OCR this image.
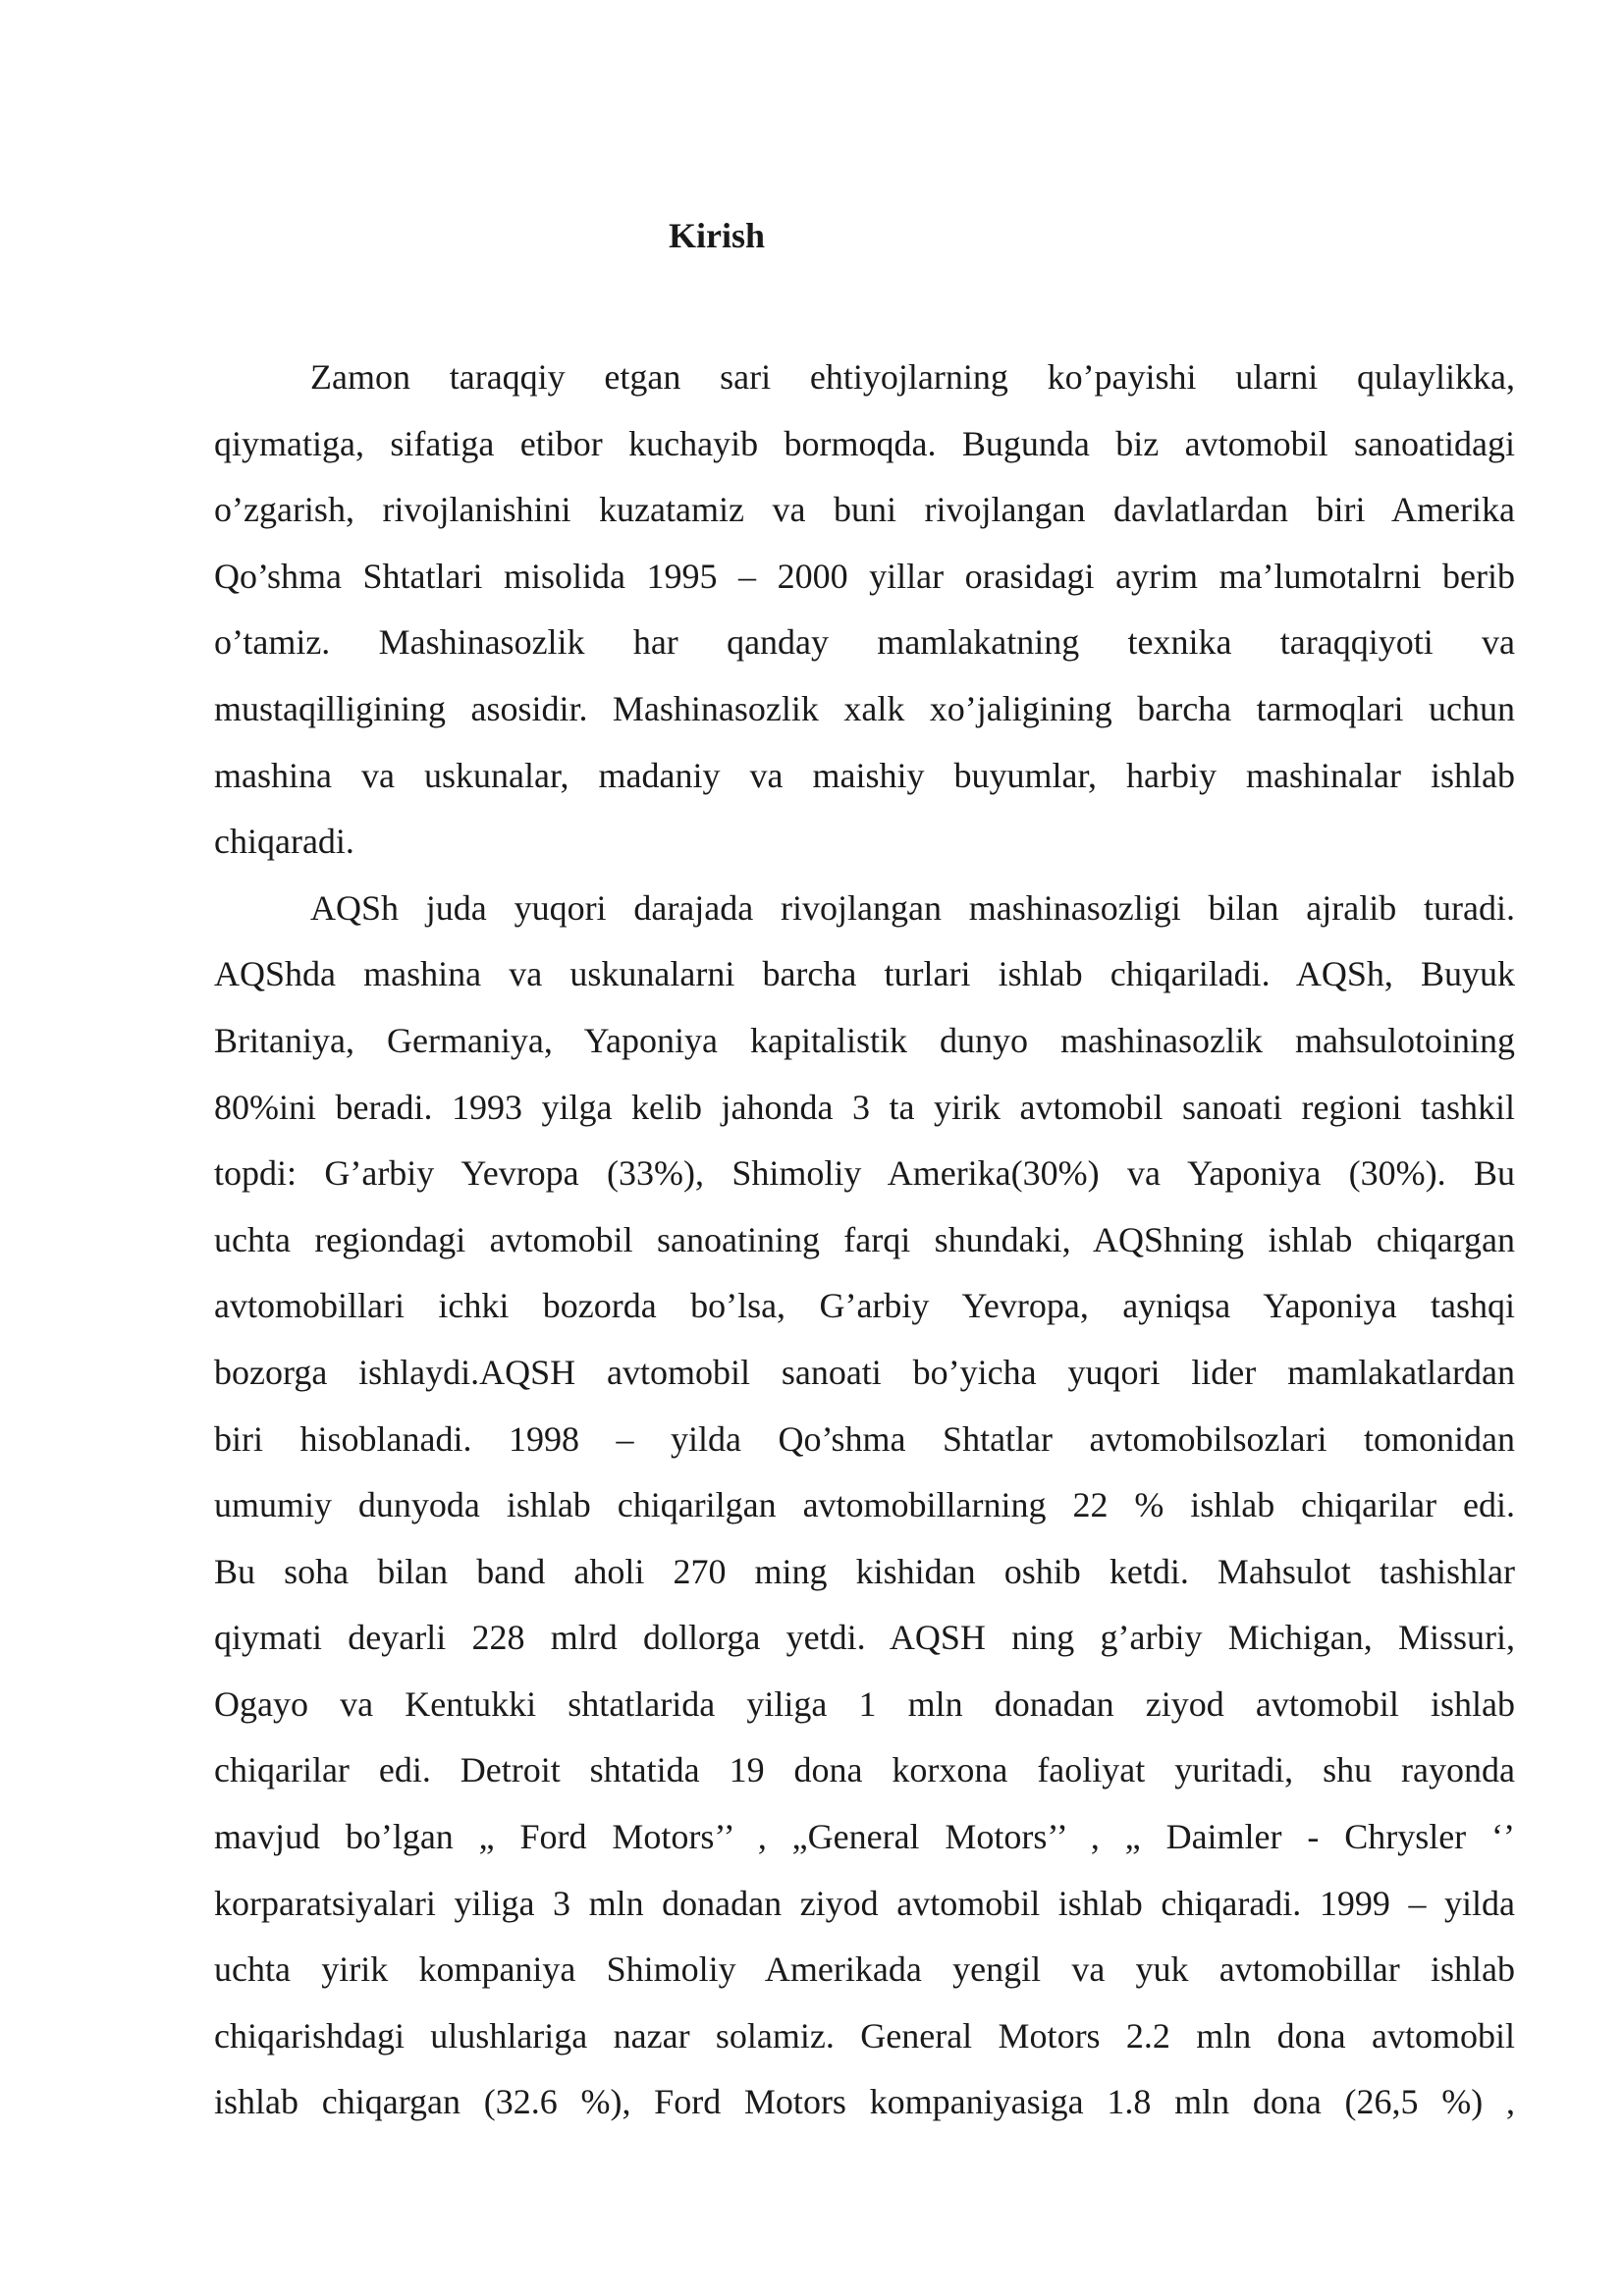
Kirish
Zamon taraqqiy etgan sari ehtiyojlarning ko’payishi ularni qulaylikka,
qiymatiga, sifatiga etibor kuchayib bormoqda. Bugunda biz avtomobil sanoatidagi
o’zgarish, rivojlanishini kuzatamiz va buni rivojlangan davlatlardan biri Amerika
Qo’shma Shtatlari misolida 1995 – 2000 yillar orasidagi ayrim ma’lumotalrni berib
o’tamiz. Mashinasozlik har qanday mamlakatning texnika taraqqiyoti va
mustaqilligining asosidir. Mashinasozlik xalk xo’jaligining barcha tarmoqlari uchun
mashina va uskunalar, madaniy va maishiy buyumlar, harbiy mashinalar ishlab
chiqaradi.
AQSh juda yuqori darajada rivojlangan mashinasozligi bilan ajralib turadi.
AQShda mashina va uskunalarni barcha turlari ishlab chiqariladi. AQSh, Buyuk
Britaniya, Germaniya, Yaponiya kapitalistik dunyo mashinasozlik mahsulotoining
80%ini beradi. 1993 yilga kelib jahonda 3 ta yirik avtomobil sanoati regioni tashkil
topdi: G’arbiy Yevropa (33%), Shimoliy Amerika(30%) va Yaponiya (30%). Bu
uchta regiondagi avtomobil sanoatining farqi shundaki, AQShning ishlab chiqargan
avtomobillari ichki bozorda bo’lsa, G’arbiy Yevropa, ayniqsa Yaponiya tashqi
bozorga ishlaydi.AQSH avtomobil sanoati bo’yicha yuqori lider mamlakatlardan
biri hisoblanadi. 1998 – yilda Qo’shma Shtatlar avtomobilsozlari tomonidan
umumiy dunyoda ishlab chiqarilgan avtomobillarning 22 % ishlab chiqarilar edi.
Bu soha bilan band aholi 270 ming kishidan oshib ketdi. Mahsulot tashishlar
qiymati deyarli 228 mlrd dollorga yetdi. AQSH ning g’arbiy Michigan, Missuri,
Ogayo va Kentukki shtatlarida yiliga 1 mln donadan ziyod avtomobil ishlab
chiqarilar edi. Detroit shtatida 19 dona korxona faoliyat yuritadi, shu rayonda
mavjud bo’lgan „ Ford Motors’’ , „General Motors’’ , „ Daimler - Chrysler ‘’
korparatsiyalari yiliga 3 mln donadan ziyod avtomobil ishlab chiqaradi. 1999 – yilda
uchta yirik kompaniya Shimoliy Amerikada yengil va yuk avtomobillar ishlab
chiqarishdagi ulushlariga nazar solamiz. General Motors 2.2 mln dona avtomobil
ishlab chiqargan (32.6 %), Ford Motors kompaniyasiga 1.8 mln dona (26,5 %) ,
